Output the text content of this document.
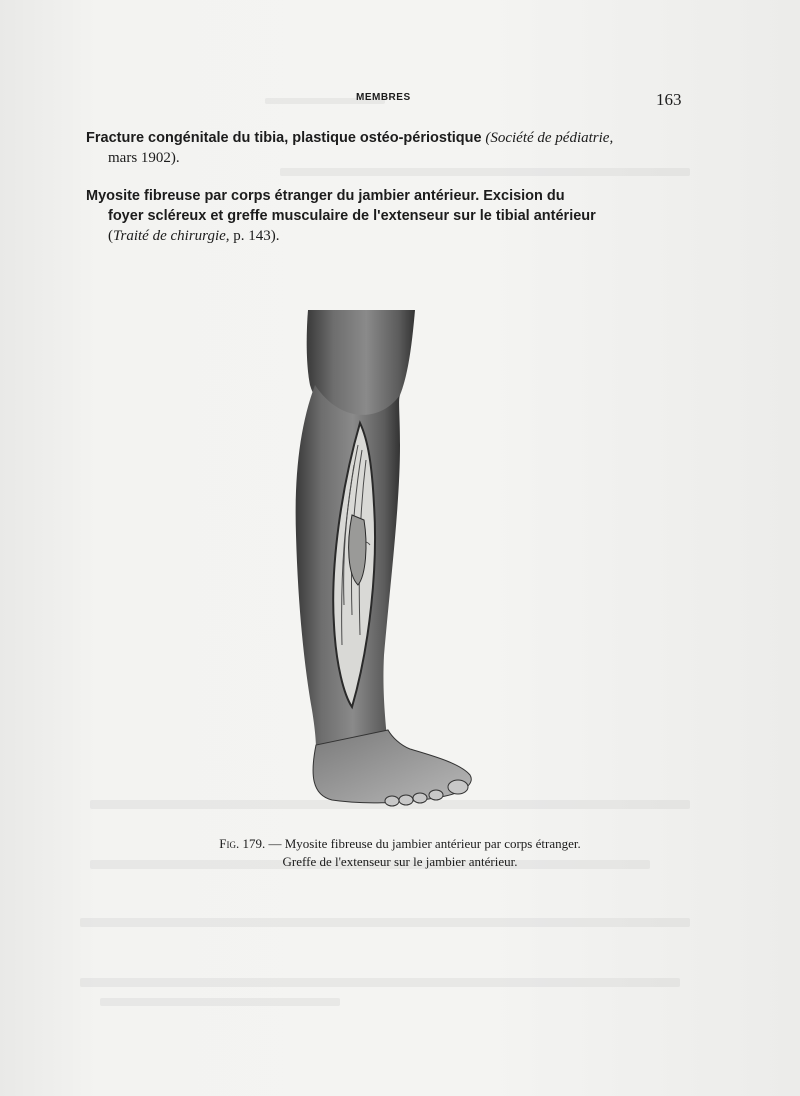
MEMBRES	163
Fracture congénitale du tibia, plastique ostéo-périostique (Société de pédiatrie,
mars 1902).
Myosite fibreuse par corps étranger du jambier antérieur. Excision du
foyer scléreux et greffe musculaire de l'extenseur sur le tibial antérieur
(Traité de chirurgie, p. 143).
Fig. 179. — Myosite fibreuse du jambier antérieur par corps étranger.
Greffe de l'extenseur sur le jambier antérieur.
